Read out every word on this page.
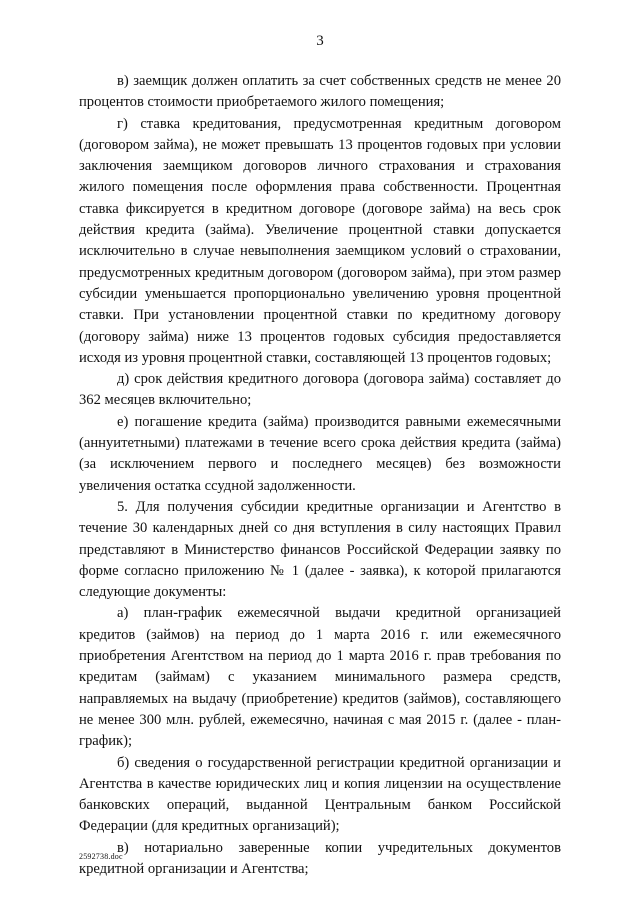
3

в) заемщик должен оплатить за счет собственных средств не менее 20 процентов стоимости приобретаемого жилого помещения;

г) ставка кредитования, предусмотренная кредитным договором (договором займа), не может превышать 13 процентов годовых при условии заключения заемщиком договоров личного страхования и страхования жилого помещения после оформления права собственности. Процентная ставка фиксируется в кредитном договоре (договоре займа) на весь срок действия кредита (займа). Увеличение процентной ставки допускается исключительно в случае невыполнения заемщиком условий о страховании, предусмотренных кредитным договором (договором займа), при этом размер субсидии уменьшается пропорционально увеличению уровня процентной ставки. При установлении процентной ставки по кредитному договору (договору займа) ниже 13 процентов годовых субсидия предоставляется исходя из уровня процентной ставки, составляющей 13 процентов годовых;

д) срок действия кредитного договора (договора займа) составляет до 362 месяцев включительно;

е) погашение кредита (займа) производится равными ежемесячными (аннуитетными) платежами в течение всего срока действия кредита (займа) (за исключением первого и последнего месяцев) без возможности увеличения остатка ссудной задолженности.

5. Для получения субсидии кредитные организации и Агентство в течение 30 календарных дней со дня вступления в силу настоящих Правил представляют в Министерство финансов Российской Федерации заявку по форме согласно приложению № 1 (далее - заявка), к которой прилагаются следующие документы:

а) план-график ежемесячной выдачи кредитной организацией кредитов (займов) на период до 1 марта 2016 г. или ежемесячного приобретения Агентством на период до 1 марта 2016 г. прав требования по кредитам (займам) с указанием минимального размера средств, направляемых на выдачу (приобретение) кредитов (займов), составляющего не менее 300 млн. рублей, ежемесячно, начиная с мая 2015 г. (далее - план-график);

б) сведения о государственной регистрации кредитной организации и Агентства в качестве юридических лиц и копия лицензии на осуществление банковских операций, выданной Центральным банком Российской Федерации (для кредитных организаций);

в) нотариально заверенные копии учредительных документов кредитной организации и Агентства;

2592738.doc
